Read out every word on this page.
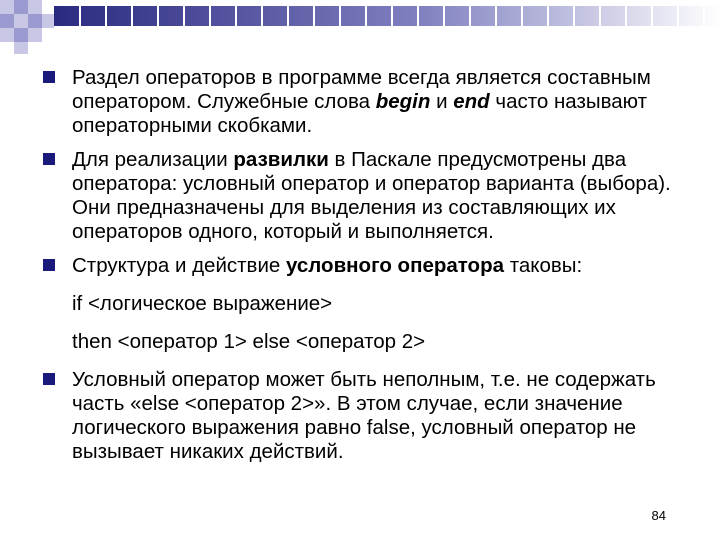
Раздел операторов в программе всегда является составным оператором. Служебные слова begin и end часто называют операторными скобками.
Для реализации развилки в Паскале предусмотрены два оператора: условный оператор и оператор варианта (выбора). Они предназначены для выделения из составляющих их операторов одного, который и выполняется.
Структура и действие условного оператора таковы:
if <логическое выражение>
then <оператор 1> else <оператор 2>
Условный оператор может быть неполным, т.е. не содержать часть «else <оператор 2>». В этом случае, если значение логического выражения равно false, условный оператор не вызывает никаких действий.
84
